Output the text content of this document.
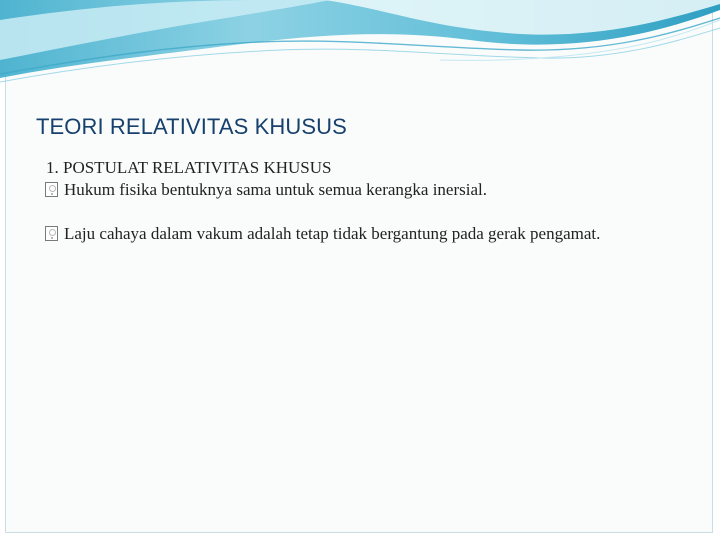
TEORI RELATIVITAS KHUSUS
1. POSTULAT RELATIVITAS KHUSUS
Hukum fisika bentuknya sama untuk semua kerangka inersial.
Laju cahaya dalam vakum adalah tetap tidak bergantung pada gerak pengamat.
